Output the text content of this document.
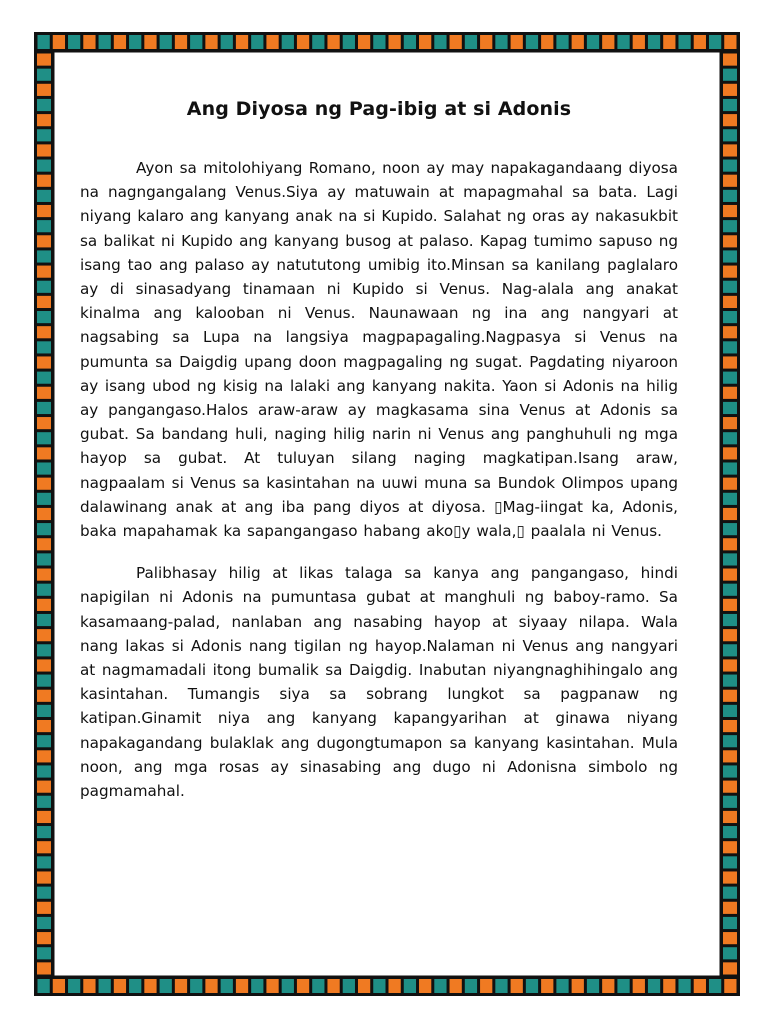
Ang Diyosa ng Pag-ibig at si Adonis

Ayon sa mitolohiyang Romano, noon ay may napakagandaang diyosa na nagngangalang Venus.Siya ay matuwain at mapagmahal sa bata. Lagi niyang kalaro ang kanyang anak na si Kupido. Salahat ng oras ay nakasukbit sa balikat ni Kupido ang kanyang busog at palaso. Kapag tumimo sapuso ng isang tao ang palaso ay natututong umibig ito.Minsan sa kanilang paglalaro ay di sinasadyang tinamaan ni Kupido si Venus. Nag-alala ang anakat kinalma ang kalooban ni Venus. Naunawaan ng ina ang nangyari at nagsabing sa Lupa na langsiya magpapagaling.Nagpasya si Venus na pumunta sa Daigdig upang doon magpagaling ng sugat. Pagdating niyaroon ay isang ubod ng kisig na lalaki ang kanyang nakita. Yaon si Adonis na hilig ay pangangaso.Halos araw-araw ay magkasama sina Venus at Adonis sa gubat. Sa bandang huli, naging hilig narin ni Venus ang panghuhuli ng mga hayop sa gubat. At tuluyan silang naging magkatipan.Isang araw, nagpaalam si Venus sa kasintahan na uuwi muna sa Bundok Olimpos upang dalawinang anak at ang iba pang diyos at diyosa. ▯Mag-iingat ka, Adonis, baka mapahamak ka sapangangaso habang ako▯y wala,▯ paalala ni Venus.

Palibhasay hilig at likas talaga sa kanya ang pangangaso, hindi napigilan ni Adonis na pumuntasa gubat at manghuli ng baboy-ramo. Sa kasamaang-palad, nanlaban ang nasabing hayop at siyaay nilapa. Wala nang lakas si Adonis nang tigilan ng hayop.Nalaman ni Venus ang nangyari at nagmamadali itong bumalik sa Daigdig. Inabutan niyangnaghihingalo ang kasintahan. Tumangis siya sa sobrang lungkot sa pagpanaw ng katipan.Ginamit niya ang kanyang kapangyarihan at ginawa niyang napakagandang bulaklak ang dugongtumapon sa kanyang kasintahan. Mula noon, ang mga rosas ay sinasabing ang dugo ni Adonisna simbolo ng pagmamahal.
